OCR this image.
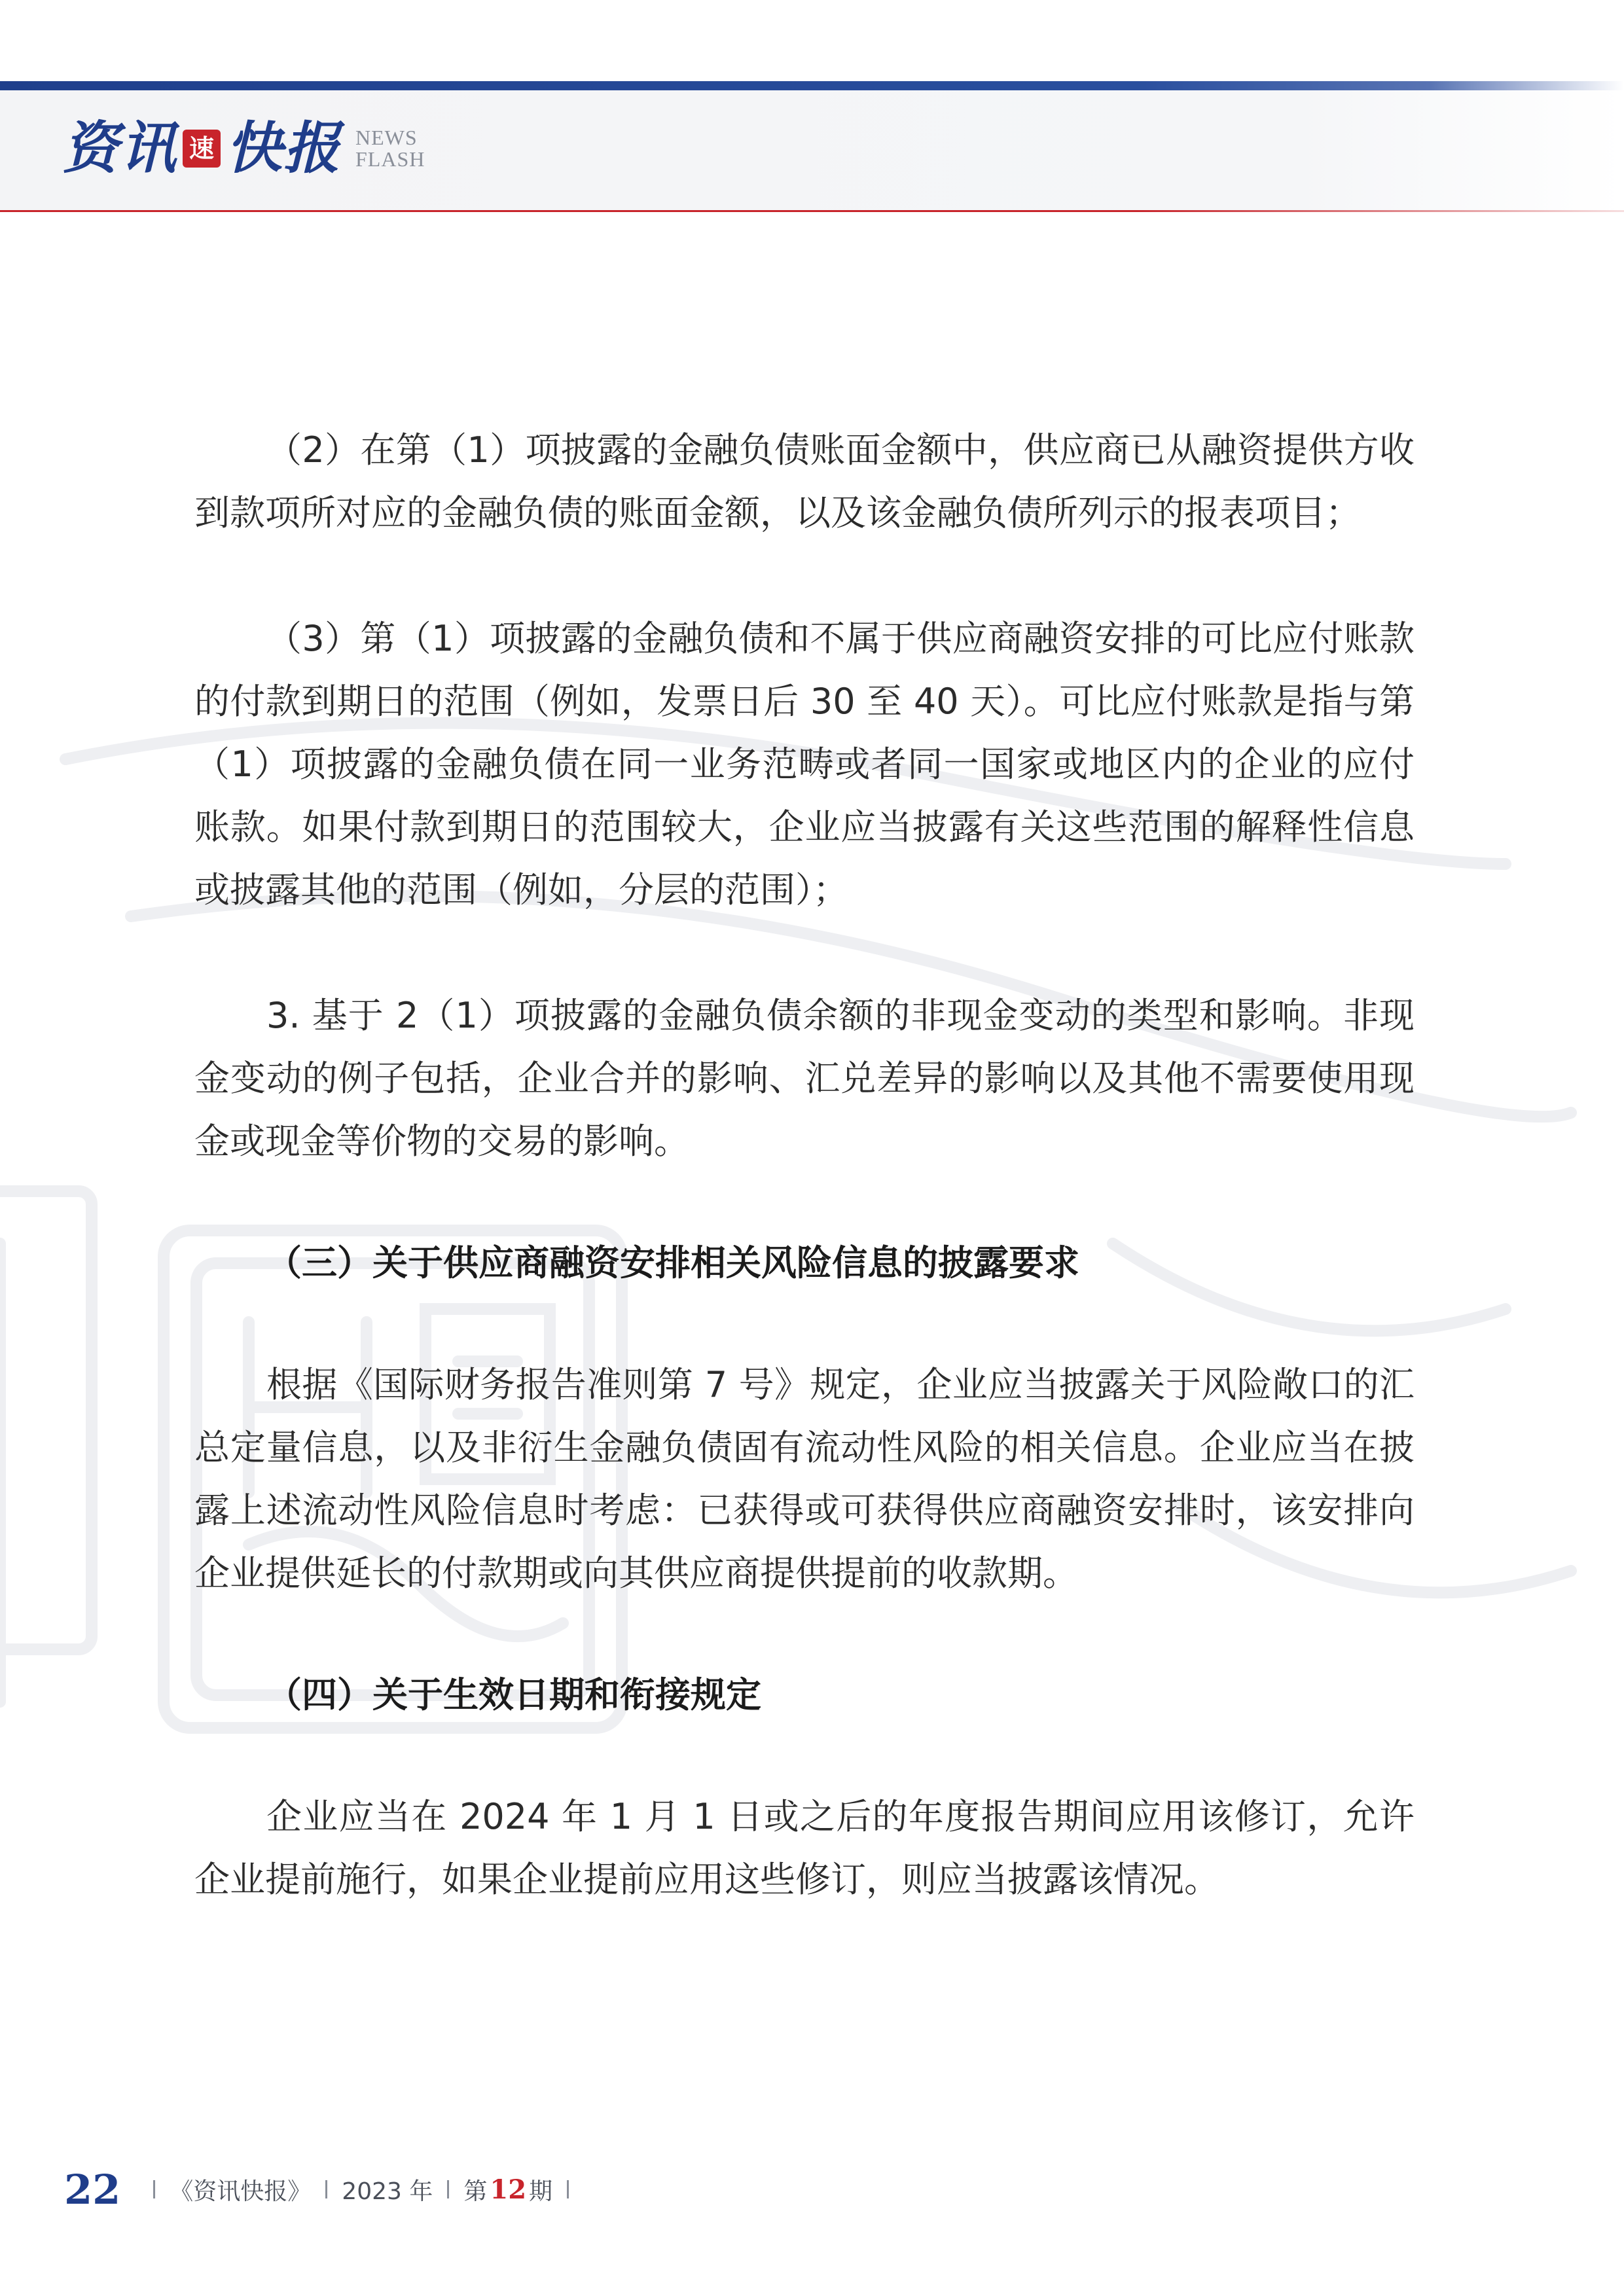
资讯 速 快报 NEWS
FLASH

（2）在第（1）项披露的金融负债账面金额中，供应商已从融资提供方收到款项所对应的金融负债的账面金额，以及该金融负债所列示的报表项目；

（3）第（1）项披露的金融负债和不属于供应商融资安排的可比应付账款的付款到期日的范围（例如，发票日后 30 至 40 天）。可比应付账款是指与第（1）项披露的金融负债在同一业务范畴或者同一国家或地区内的企业的应付账款。如果付款到期日的范围较大，企业应当披露有关这些范围的解释性信息或披露其他的范围（例如，分层的范围）；

3. 基于 2（1）项披露的金融负债余额的非现金变动的类型和影响。非现金变动的例子包括，企业合并的影响、汇兑差异的影响以及其他不需要使用现金或现金等价物的交易的影响。

（三）关于供应商融资安排相关风险信息的披露要求

根据《国际财务报告准则第 7 号》规定，企业应当披露关于风险敞口的汇总定量信息，以及非衍生金融负债固有流动性风险的相关信息。企业应当在披露上述流动性风险信息时考虑：已获得或可获得供应商融资安排时，该安排向企业提供延长的付款期或向其供应商提供提前的收款期。

（四）关于生效日期和衔接规定

企业应当在 2024 年 1 月 1 日或之后的年度报告期间应用该修订，允许企业提前施行，如果企业提前应用这些修订，则应当披露该情况。

22 《资讯快报》 2023 年 第 12 期
